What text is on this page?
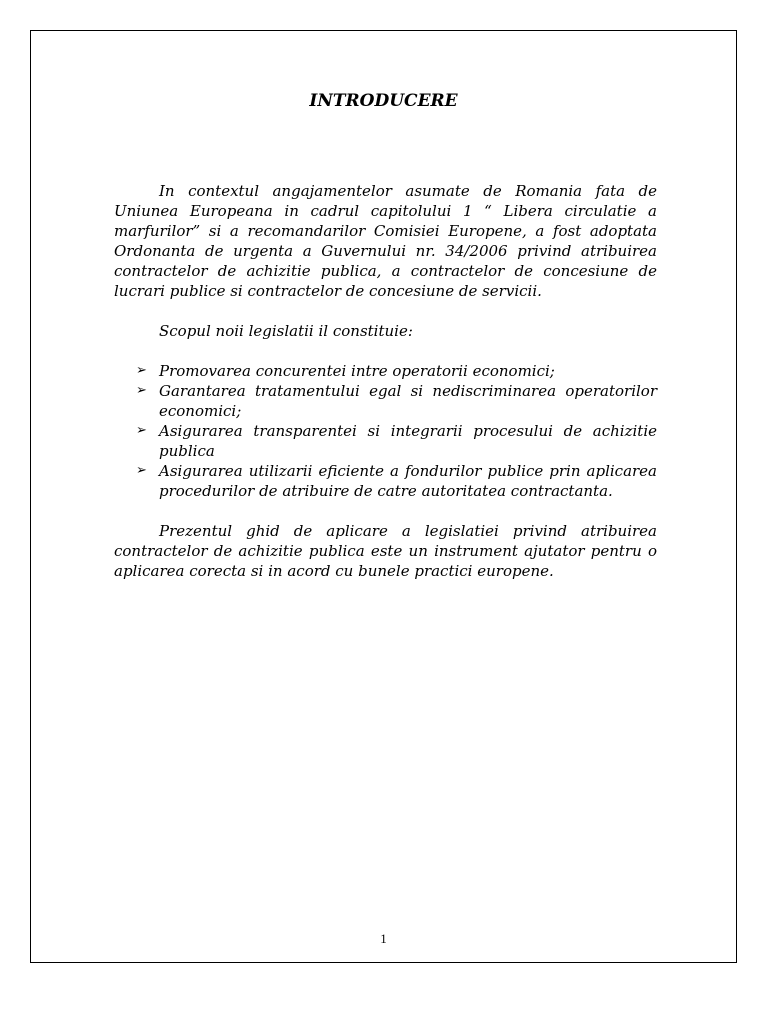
INTRODUCERE

In contextul angajamentelor asumate de Romania fata de Uniunea Europeana in cadrul capitolului 1 “ Libera circulatie a marfurilor” si a recomandarilor Comisiei Europene, a fost adoptata Ordonanta de urgenta a Guvernului nr. 34/2006 privind atribuirea contractelor de achizitie publica, a contractelor de concesiune de lucrari publice si contractelor de concesiune de servicii.

Scopul noii legislatii il constituie:

➢ Promovarea concurentei intre operatorii economici;
➢ Garantarea tratamentului egal si nediscriminarea operatorilor economici;
➢ Asigurarea transparentei si integrarii procesului de achizitie publica
➢ Asigurarea utilizarii eficiente a fondurilor publice prin aplicarea procedurilor de atribuire de catre autoritatea contractanta.

Prezentul ghid de aplicare a legislatiei privind atribuirea contractelor de achizitie publica este un instrument ajutator pentru o aplicarea corecta si in acord cu bunele practici europene.

1
